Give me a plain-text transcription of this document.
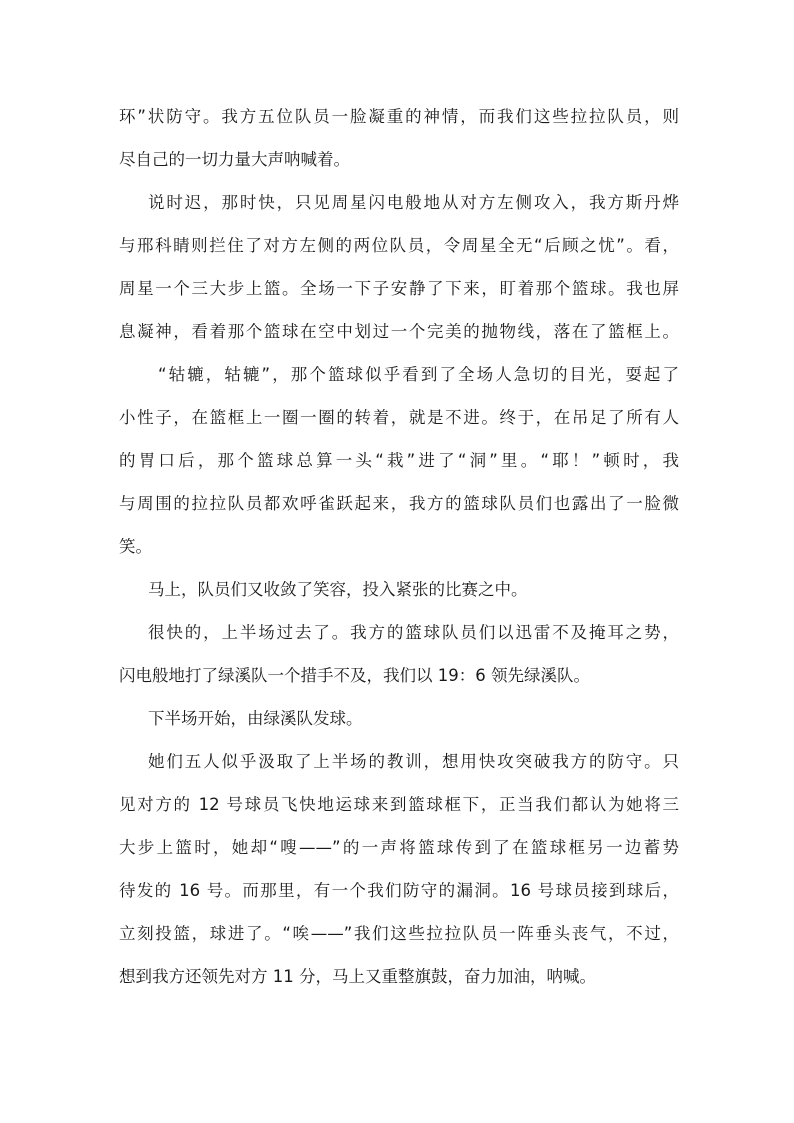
环”状防守。我方五位队员一脸凝重的神情，而我们这些拉拉队员，则
尽自己的一切力量大声呐喊着。
说时迟，那时快，只见周星闪电般地从对方左侧攻入，我方斯丹烨
与邢科睛则拦住了对方左侧的两位队员，令周星全无“后顾之忧”。看，
周星一个三大步上篮。全场一下子安静了下来，盯着那个篮球。我也屏
息凝神，看着那个篮球在空中划过一个完美的抛物线，落在了篮框上。
“轱辘，轱辘”，那个篮球似乎看到了全场人急切的目光，耍起了
小性子，在篮框上一圈一圈的转着，就是不进。终于，在吊足了所有人
的胃口后，那个篮球总算一头“栽”进了“洞”里。“耶！”顿时，我
与周围的拉拉队员都欢呼雀跃起来，我方的篮球队员们也露出了一脸微
笑。
马上，队员们又收敛了笑容，投入紧张的比赛之中。
很快的，上半场过去了。我方的篮球队员们以迅雷不及掩耳之势，
闪电般地打了绿溪队一个措手不及，我们以 19：6 领先绿溪队。
下半场开始，由绿溪队发球。
她们五人似乎汲取了上半场的教训，想用快攻突破我方的防守。只
见对方的 12 号球员飞快地运球来到篮球框下，正当我们都认为她将三
大步上篮时，她却“嗖——”的一声将篮球传到了在篮球框另一边蓄势
待发的 16 号。而那里，有一个我们防守的漏洞。16 号球员接到球后，
立刻投篮，球进了。“唉——”我们这些拉拉队员一阵垂头丧气，不过，
想到我方还领先对方 11 分，马上又重整旗鼓，奋力加油，呐喊。
